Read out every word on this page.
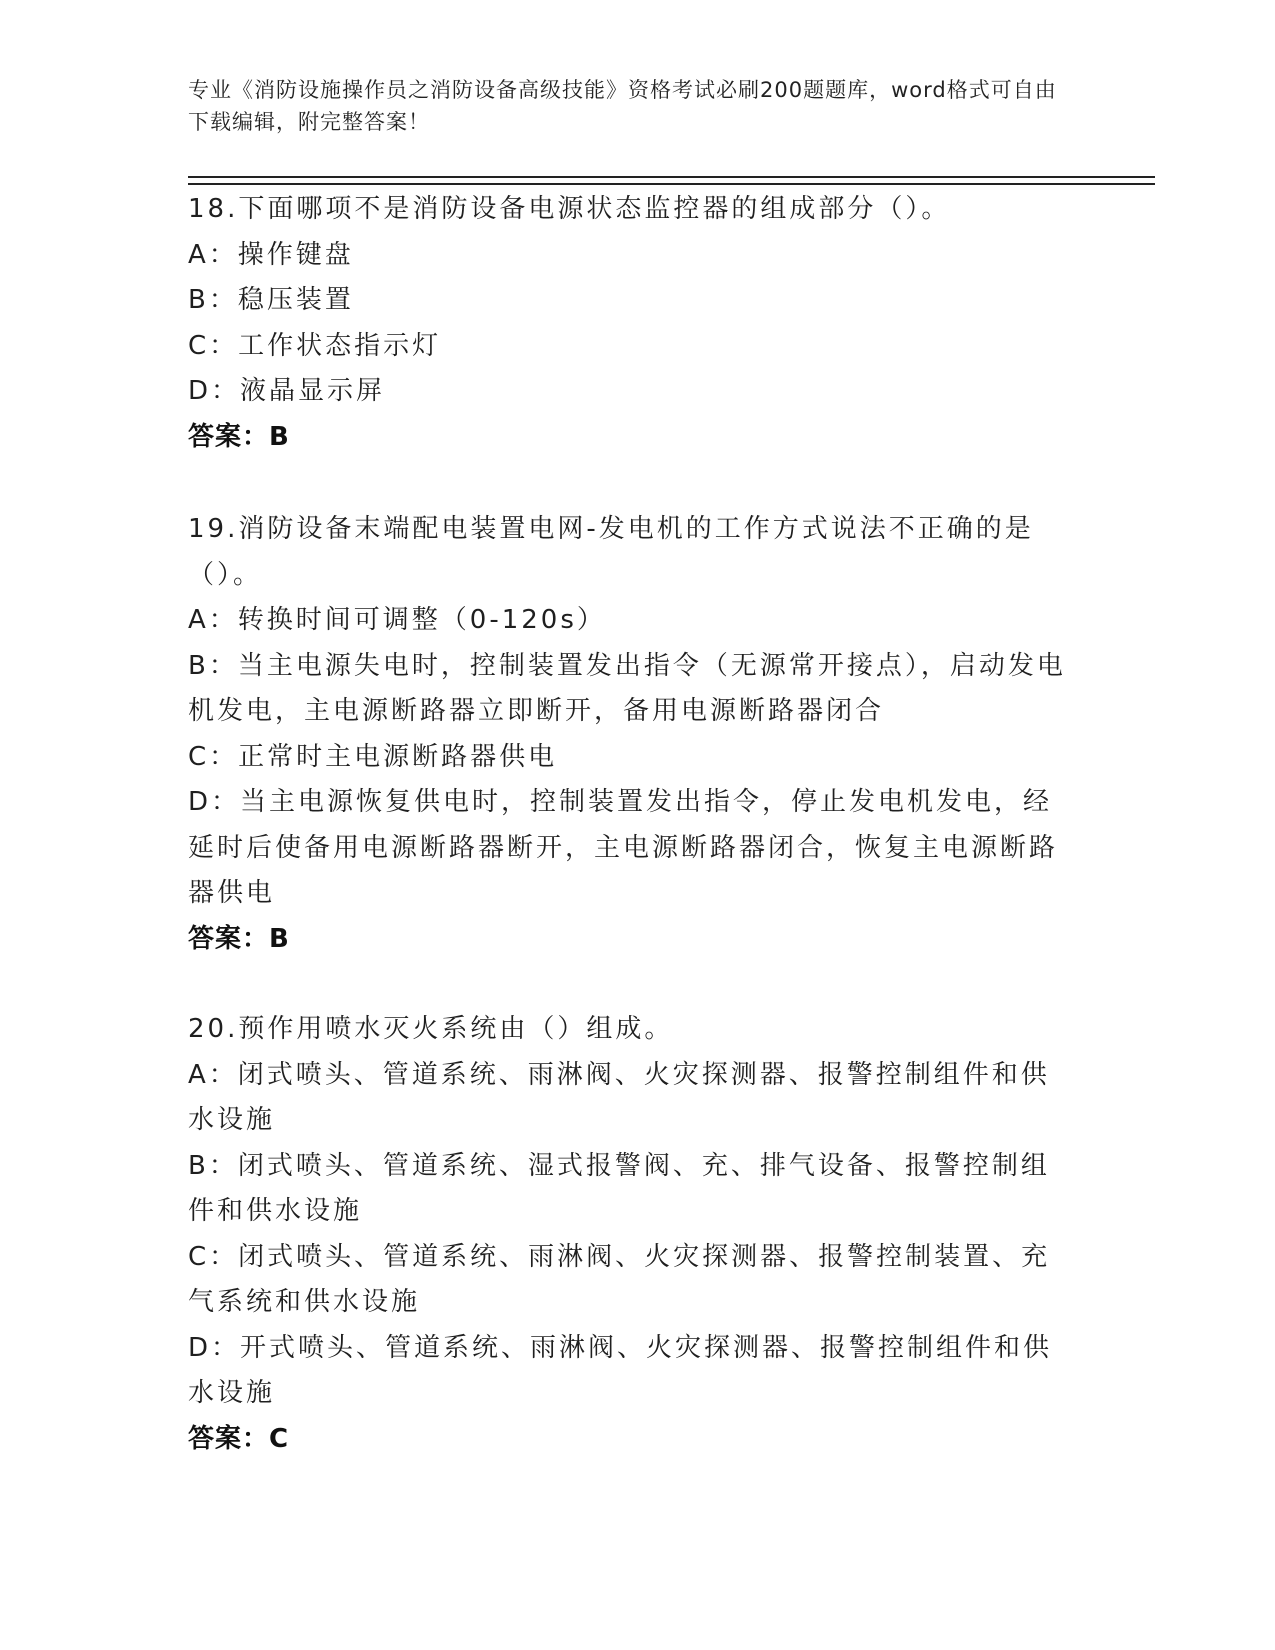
专业《消防设施操作员之消防设备高级技能》资格考试必刷200题题库，word格式可自由下载编辑，附完整答案！
18.下面哪项不是消防设备电源状态监控器的组成部分（）。
A：操作键盘
B：稳压装置
C：工作状态指示灯
D：液晶显示屏
答案：B
19.消防设备末端配电装置电网-发电机的工作方式说法不正确的是（）。
A：转换时间可调整（0-120s）
B：当主电源失电时，控制装置发出指令（无源常开接点），启动发电机发电，主电源断路器立即断开，备用电源断路器闭合
C：正常时主电源断路器供电
D：当主电源恢复供电时，控制装置发出指令，停止发电机发电，经延时后使备用电源断路器断开，主电源断路器闭合，恢复主电源断路器供电
答案：B
20.预作用喷水灭火系统由（）组成。
A：闭式喷头、管道系统、雨淋阀、火灾探测器、报警控制组件和供水设施
B：闭式喷头、管道系统、湿式报警阀、充、排气设备、报警控制组件和供水设施
C：闭式喷头、管道系统、雨淋阀、火灾探测器、报警控制装置、充气系统和供水设施
D：开式喷头、管道系统、雨淋阀、火灾探测器、报警控制组件和供水设施
答案：C
